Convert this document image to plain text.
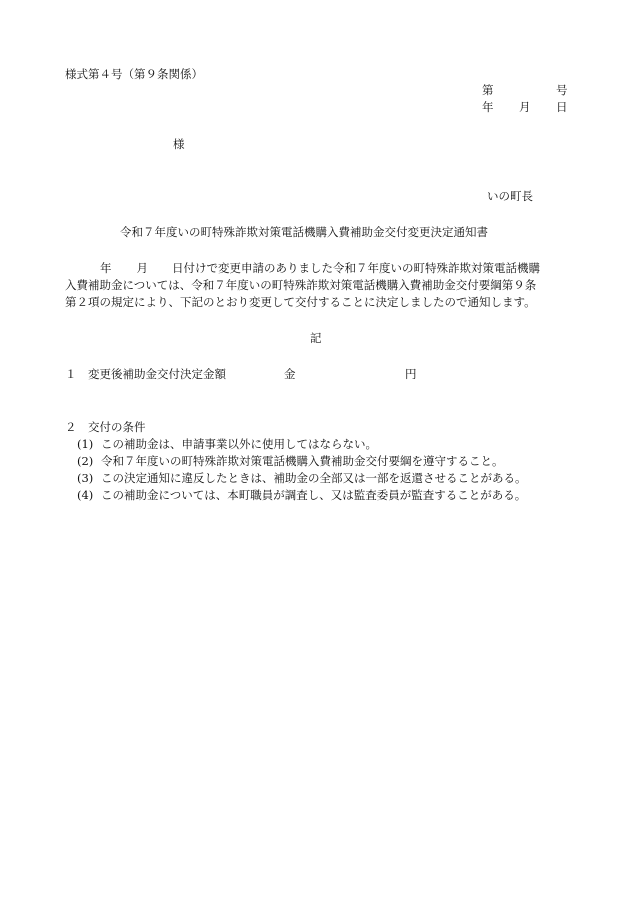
様式第４号（第９条関係）
第	号
年 月 日
様
いの町長
令和７年度いの町特殊詐欺対策電話機購入費補助金交付変更決定通知書
年 月 日付けで変更申請のありました令和７年度いの町特殊詐欺対策電話機購
入費補助金については、令和７年度いの町特殊詐欺対策電話機購入費補助金交付要綱第９条
第２項の規定により、下記のとおり変更して交付することに決定しましたので通知します。
記
１ 変更後補助金交付決定金額	金	円
２ 交付の条件
(1) この補助金は、申請事業以外に使用してはならない。
(2) 令和７年度いの町特殊詐欺対策電話機購入費補助金交付要綱を遵守すること。
(3) この決定通知に違反したときは、補助金の全部又は一部を返還させることがある。
(4) この補助金については、本町職員が調査し、又は監査委員が監査することがある。
